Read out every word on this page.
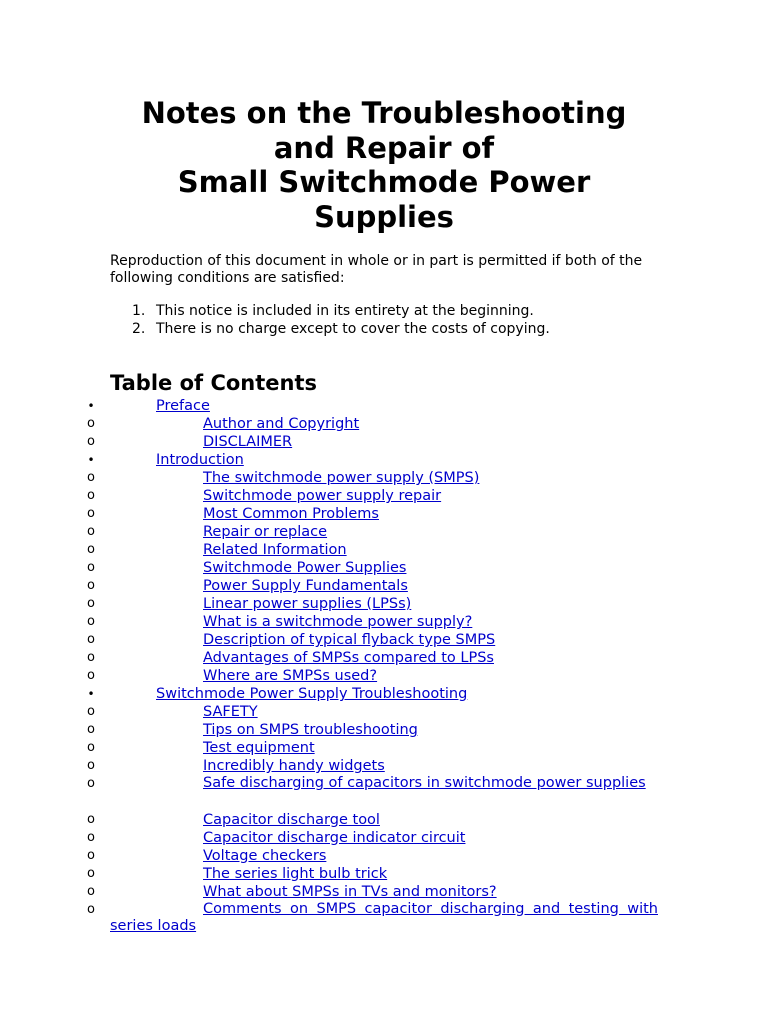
Notes on the Troubleshooting
and Repair of
Small Switchmode Power
Supplies

Reproduction of this document in whole or in part is permitted if both of the following conditions are satisfied:

1. This notice is included in its entirety at the beginning.
2. There is no charge except to cover the costs of copying.
Table of Contents
•	Preface
o	Author and Copyright
o	DISCLAIMER
•	Introduction
o	The switchmode power supply (SMPS)
o	Switchmode power supply repair
o	Most Common Problems
o	Repair or replace
o	Related Information
o	Switchmode Power Supplies
o	Power Supply Fundamentals
o	Linear power supplies (LPSs)
o	What is a switchmode power supply?
o	Description of typical flyback type SMPS
o	Advantages of SMPSs compared to LPSs
o	Where are SMPSs used?
•	Switchmode Power Supply Troubleshooting
o	SAFETY
o	Tips on SMPS troubleshooting
o	Test equipment
o	Incredibly handy widgets
o	Safe discharging of capacitors in switchmode power supplies
o	Capacitor discharge tool
o	Capacitor discharge indicator circuit
o	Voltage checkers
o	The series light bulb trick
o	What about SMPSs in TVs and monitors?
o	Comments on SMPS capacitor discharging and testing with series loads
